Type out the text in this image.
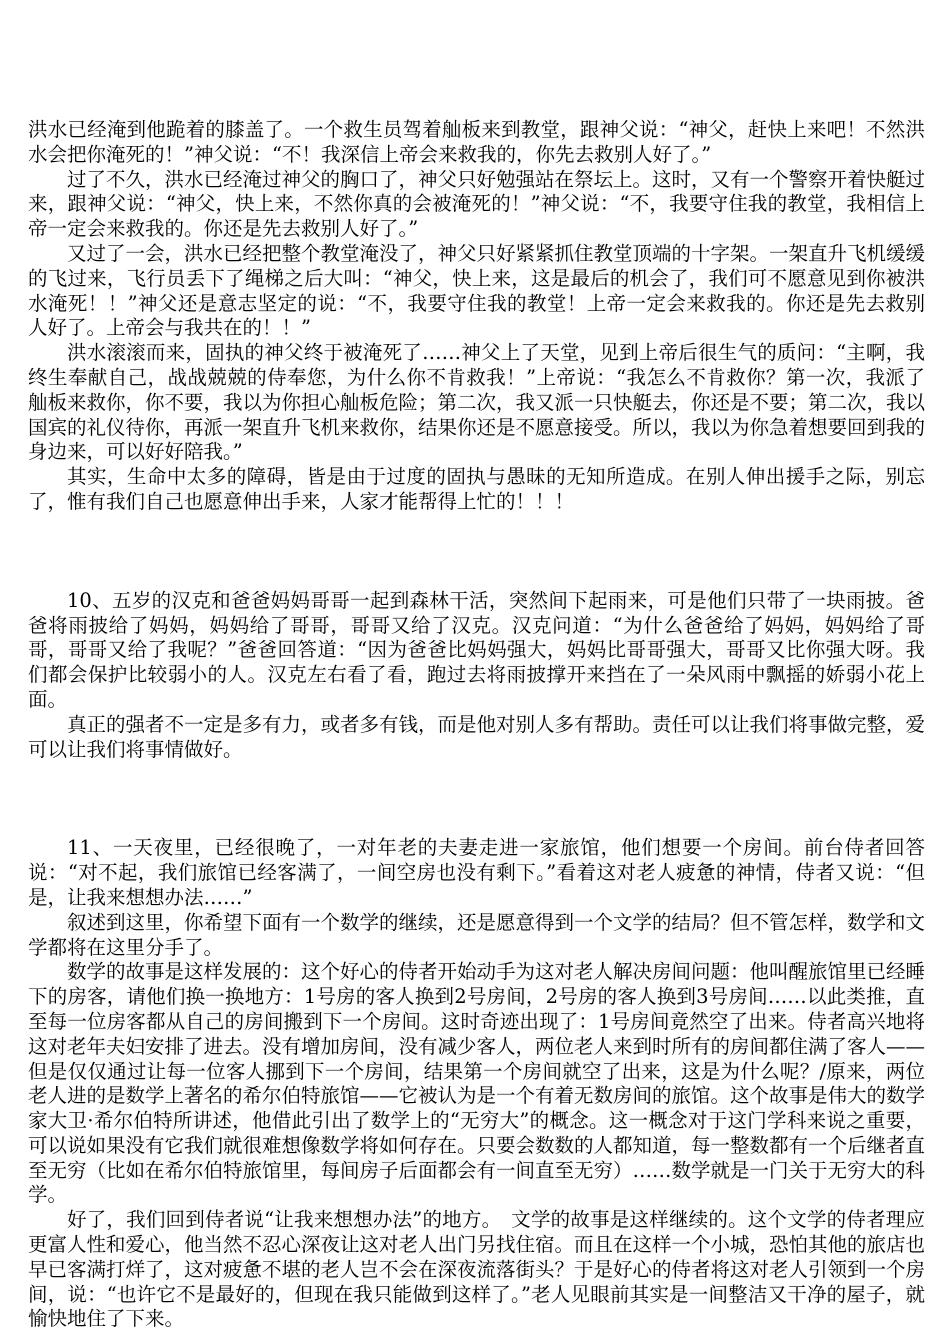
洪水已经淹到他跪着的膝盖了。一个救生员驾着舢板来到教堂，跟神父说：“神父，赶快上来吧！不然洪水会把你淹死的！”神父说：“不！我深信上帝会来救我的，你先去救别人好了。”

过了不久，洪水已经淹过神父的胸口了，神父只好勉强站在祭坛上。这时，又有一个警察开着快艇过来，跟神父说：“神父，快上来，不然你真的会被淹死的！”神父说：“不，我要守住我的教堂，我相信上帝一定会来救我的。你还是先去救别人好了。”

又过了一会，洪水已经把整个教堂淹没了，神父只好紧紧抓住教堂顶端的十字架。一架直升飞机缓缓的飞过来，飞行员丢下了绳梯之后大叫：“神父，快上来，这是最后的机会了，我们可不愿意见到你被洪水淹死！！”神父还是意志坚定的说：“不，我要守住我的教堂！上帝一定会来救我的。你还是先去救别人好了。上帝会与我共在的！！”

洪水滚滚而来，固执的神父终于被淹死了……神父上了天堂，见到上帝后很生气的质问：“主啊，我终生奉献自己，战战兢兢的侍奉您，为什么你不肯救我！”上帝说：“我怎么不肯救你？第一次，我派了舢板来救你，你不要，我以为你担心舢板危险；第二次，我又派一只快艇去，你还是不要；第二次，我以国宾的礼仪待你，再派一架直升飞机来救你，结果你还是不愿意接受。所以，我以为你急着想要回到我的身边来，可以好好陪我。”

其实，生命中太多的障碍，皆是由于过度的固执与愚昧的无知所造成。在别人伸出援手之际，别忘了，惟有我们自己也愿意伸出手来，人家才能帮得上忙的！！！

10、五岁的汉克和爸爸妈妈哥哥一起到森林干活，突然间下起雨来，可是他们只带了一块雨披。爸爸将雨披给了妈妈，妈妈给了哥哥，哥哥又给了汉克。汉克问道：“为什么爸爸给了妈妈，妈妈给了哥哥，哥哥又给了我呢？”爸爸回答道：“因为爸爸比妈妈强大，妈妈比哥哥强大，哥哥又比你强大呀。我们都会保护比较弱小的人。汉克左右看了看，跑过去将雨披撑开来挡在了一朵风雨中飘摇的娇弱小花上面。

真正的强者不一定是多有力，或者多有钱，而是他对别人多有帮助。责任可以让我们将事做完整，爱可以让我们将事情做好。

11、一天夜里，已经很晚了，一对年老的夫妻走进一家旅馆，他们想要一个房间。前台侍者回答说：“对不起，我们旅馆已经客满了，一间空房也没有剩下。”看着这对老人疲惫的神情，侍者又说：“但是，让我来想想办法……”

叙述到这里，你希望下面有一个数学的继续，还是愿意得到一个文学的结局？但不管怎样，数学和文学都将在这里分手了。

数学的故事是这样发展的：这个好心的侍者开始动手为这对老人解决房间问题：他叫醒旅馆里已经睡下的房客，请他们换一换地方：1号房的客人换到2号房间，2号房的客人换到3号房间……以此类推，直至每一位房客都从自己的房间搬到下一个房间。这时奇迹出现了：1号房间竟然空了出来。侍者高兴地将这对老年夫妇安排了进去。没有增加房间，没有减少客人，两位老人来到时所有的房间都住满了客人——但是仅仅通过让每一位客人挪到下一个房间，结果第一个房间就空了出来，这是为什么呢？/原来，两位老人进的是数学上著名的希尔伯特旅馆——它被认为是一个有着无数房间的旅馆。这个故事是伟大的数学家大卫·希尔伯特所讲述，他借此引出了数学上的“无穷大”的概念。这一概念对于这门学科来说之重要，可以说如果没有它我们就很难想像数学将如何存在。只要会数数的人都知道，每一整数都有一个后继者直至无穷（比如在希尔伯特旅馆里，每间房子后面都会有一间直至无穷）……数学就是一门关于无穷大的科学。

好了，我们回到侍者说“让我来想想办法”的地方。　文学的故事是这样继续的。这个文学的侍者理应更富人性和爱心，他当然不忍心深夜让这对老人出门另找住宿。而且在这样一个小城，恐怕其他的旅店也早已客满打烊了，这对疲惫不堪的老人岂不会在深夜流落街头？于是好心的侍者将这对老人引领到一个房间，说：“也许它不是最好的，但现在我只能做到这样了。”老人见眼前其实是一间整洁又干净的屋子，就愉快地住了下来。
